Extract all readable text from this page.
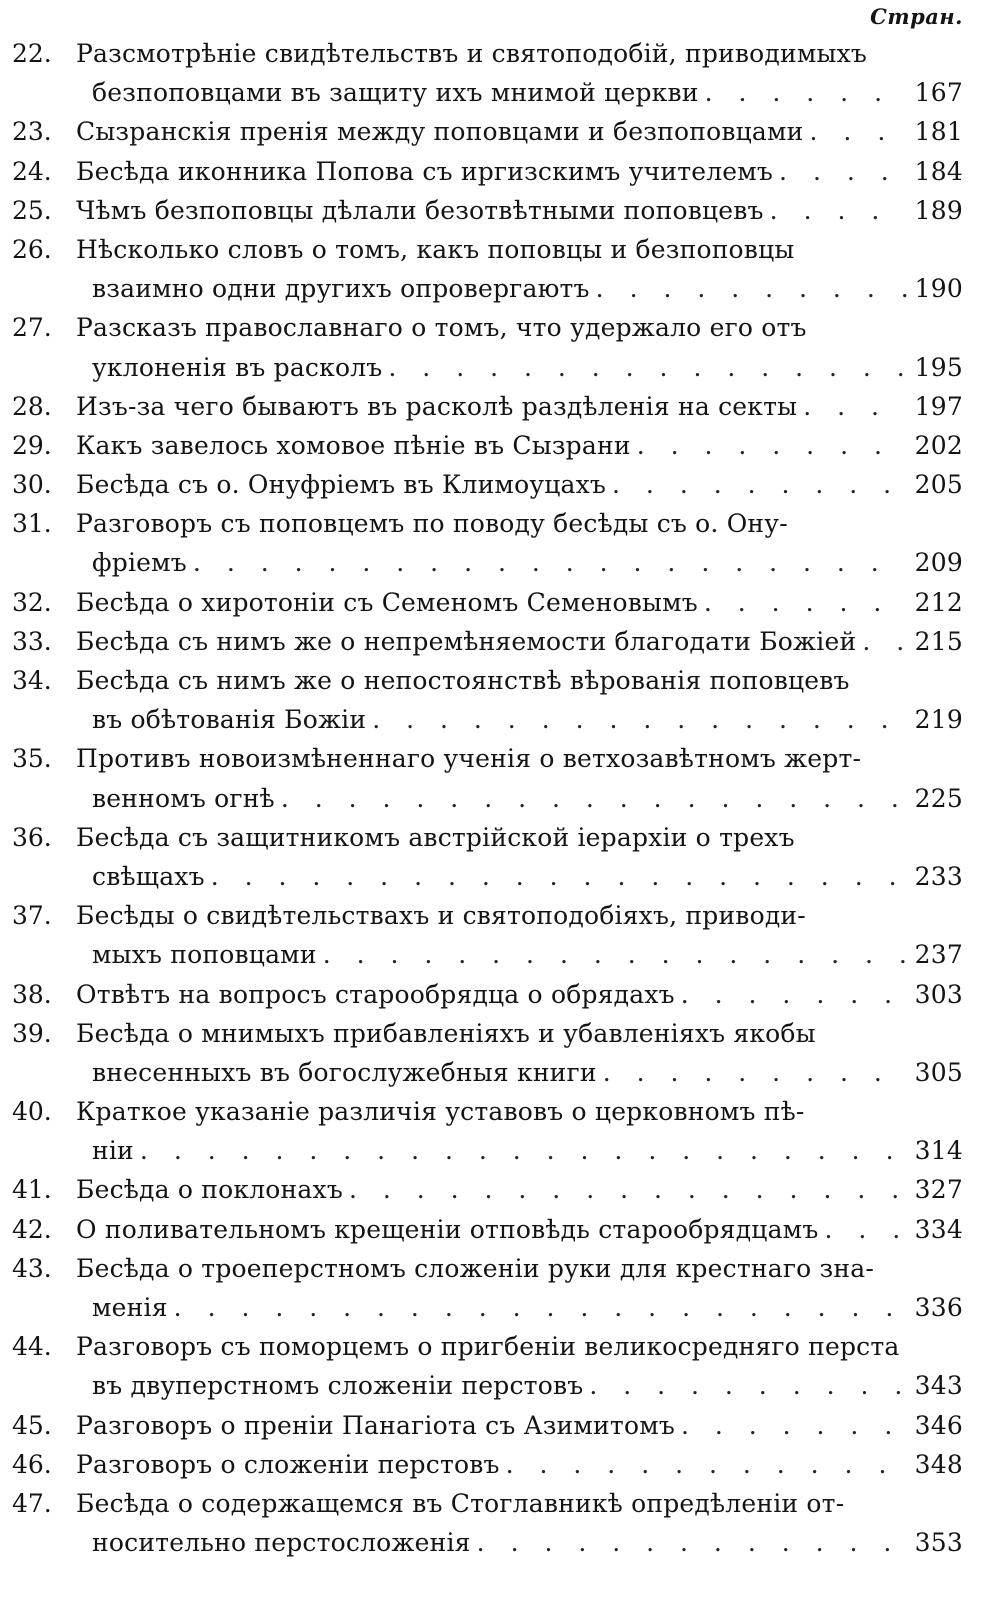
Стран.
22. Разсмотрѣніе свидѣтельствъ и святоподобій, приводимыхъ
безпоповцами въ защиту ихъ мнимой церкви . . .	167
23. Сызранскія пренія между поповцами и безпоповцами . . .	181
24. Бесѣда иконника Попова съ иргизскимъ учителемъ . . .	184
25. Чѣмъ безпоповцы дѣлали безотвѣтными поповцевъ . . .	189
26. Нѣсколько словъ о томъ, какъ поповцы и безпоповцы
взаимно одни другихъ опровергаютъ . . .	190
27. Разсказъ православнаго о томъ, что удержало его отъ
уклоненія въ расколъ . . .	195
28. Изъ-за чего бываютъ въ расколѣ раздѣленія на секты . . .	197
29. Какъ завелось хомовое пѣніе въ Сызрани . . .	202
30. Бесѣда съ о. Онуфріемъ въ Климоуцахъ . . .	205
31. Разговоръ съ поповцемъ по поводу бесѣды съ о. Ону-
фріемъ . . .	209
32. Бесѣда о хиротоніи съ Семеномъ Семеновымъ . . .	212
33. Бесѣда съ нимъ же о непремѣняемости благодати Божіей . . . 215
34. Бесѣда съ нимъ же о непостоянствѣ вѣрованія поповцевъ
въ обѣтованія Божіи . . .	219
35. Противъ новоизмѣненнаго ученія о ветхозавѣтномъ жерт-
венномъ огнѣ . . .	225
36. Бесѣда съ защитникомъ австрійской іерархіи о трехъ
свѣщахъ . . .	233
37. Бесѣды о свидѣтельствахъ и святоподобіяхъ, приводи-
мыхъ поповцами . . .	237
38. Отвѣтъ на вопросъ старообрядца о обрядахъ . . .	303
39. Бесѣда о мнимыхъ прибавленіяхъ и убавленіяхъ якобы
внесенныхъ въ богослужебныя книги . . .	305
40. Краткое указаніе различія уставовъ о церковномъ пѣ-
ніи . . .	314
41. Бесѣда о поклонахъ . . .	327
42. О поливательномъ крещеніи отповѣдь старообрядцамъ . . .	334
43. Бесѣда о троеперстномъ сложеніи руки для крестнаго зна-
менія . . .	336
44. Разговоръ съ поморцемъ о пригбеніи великосредняго перста
въ двуперстномъ сложеніи перстовъ . . .	343
45. Разговоръ о преніи Панагіота съ Азимитомъ . . .	346
46. Разговоръ о сложеніи перстовъ . . .	348
47. Бесѣда о содержащемся въ Стоглавникѣ опредѣленіи от-
носительно перстосложенія . . .	353
